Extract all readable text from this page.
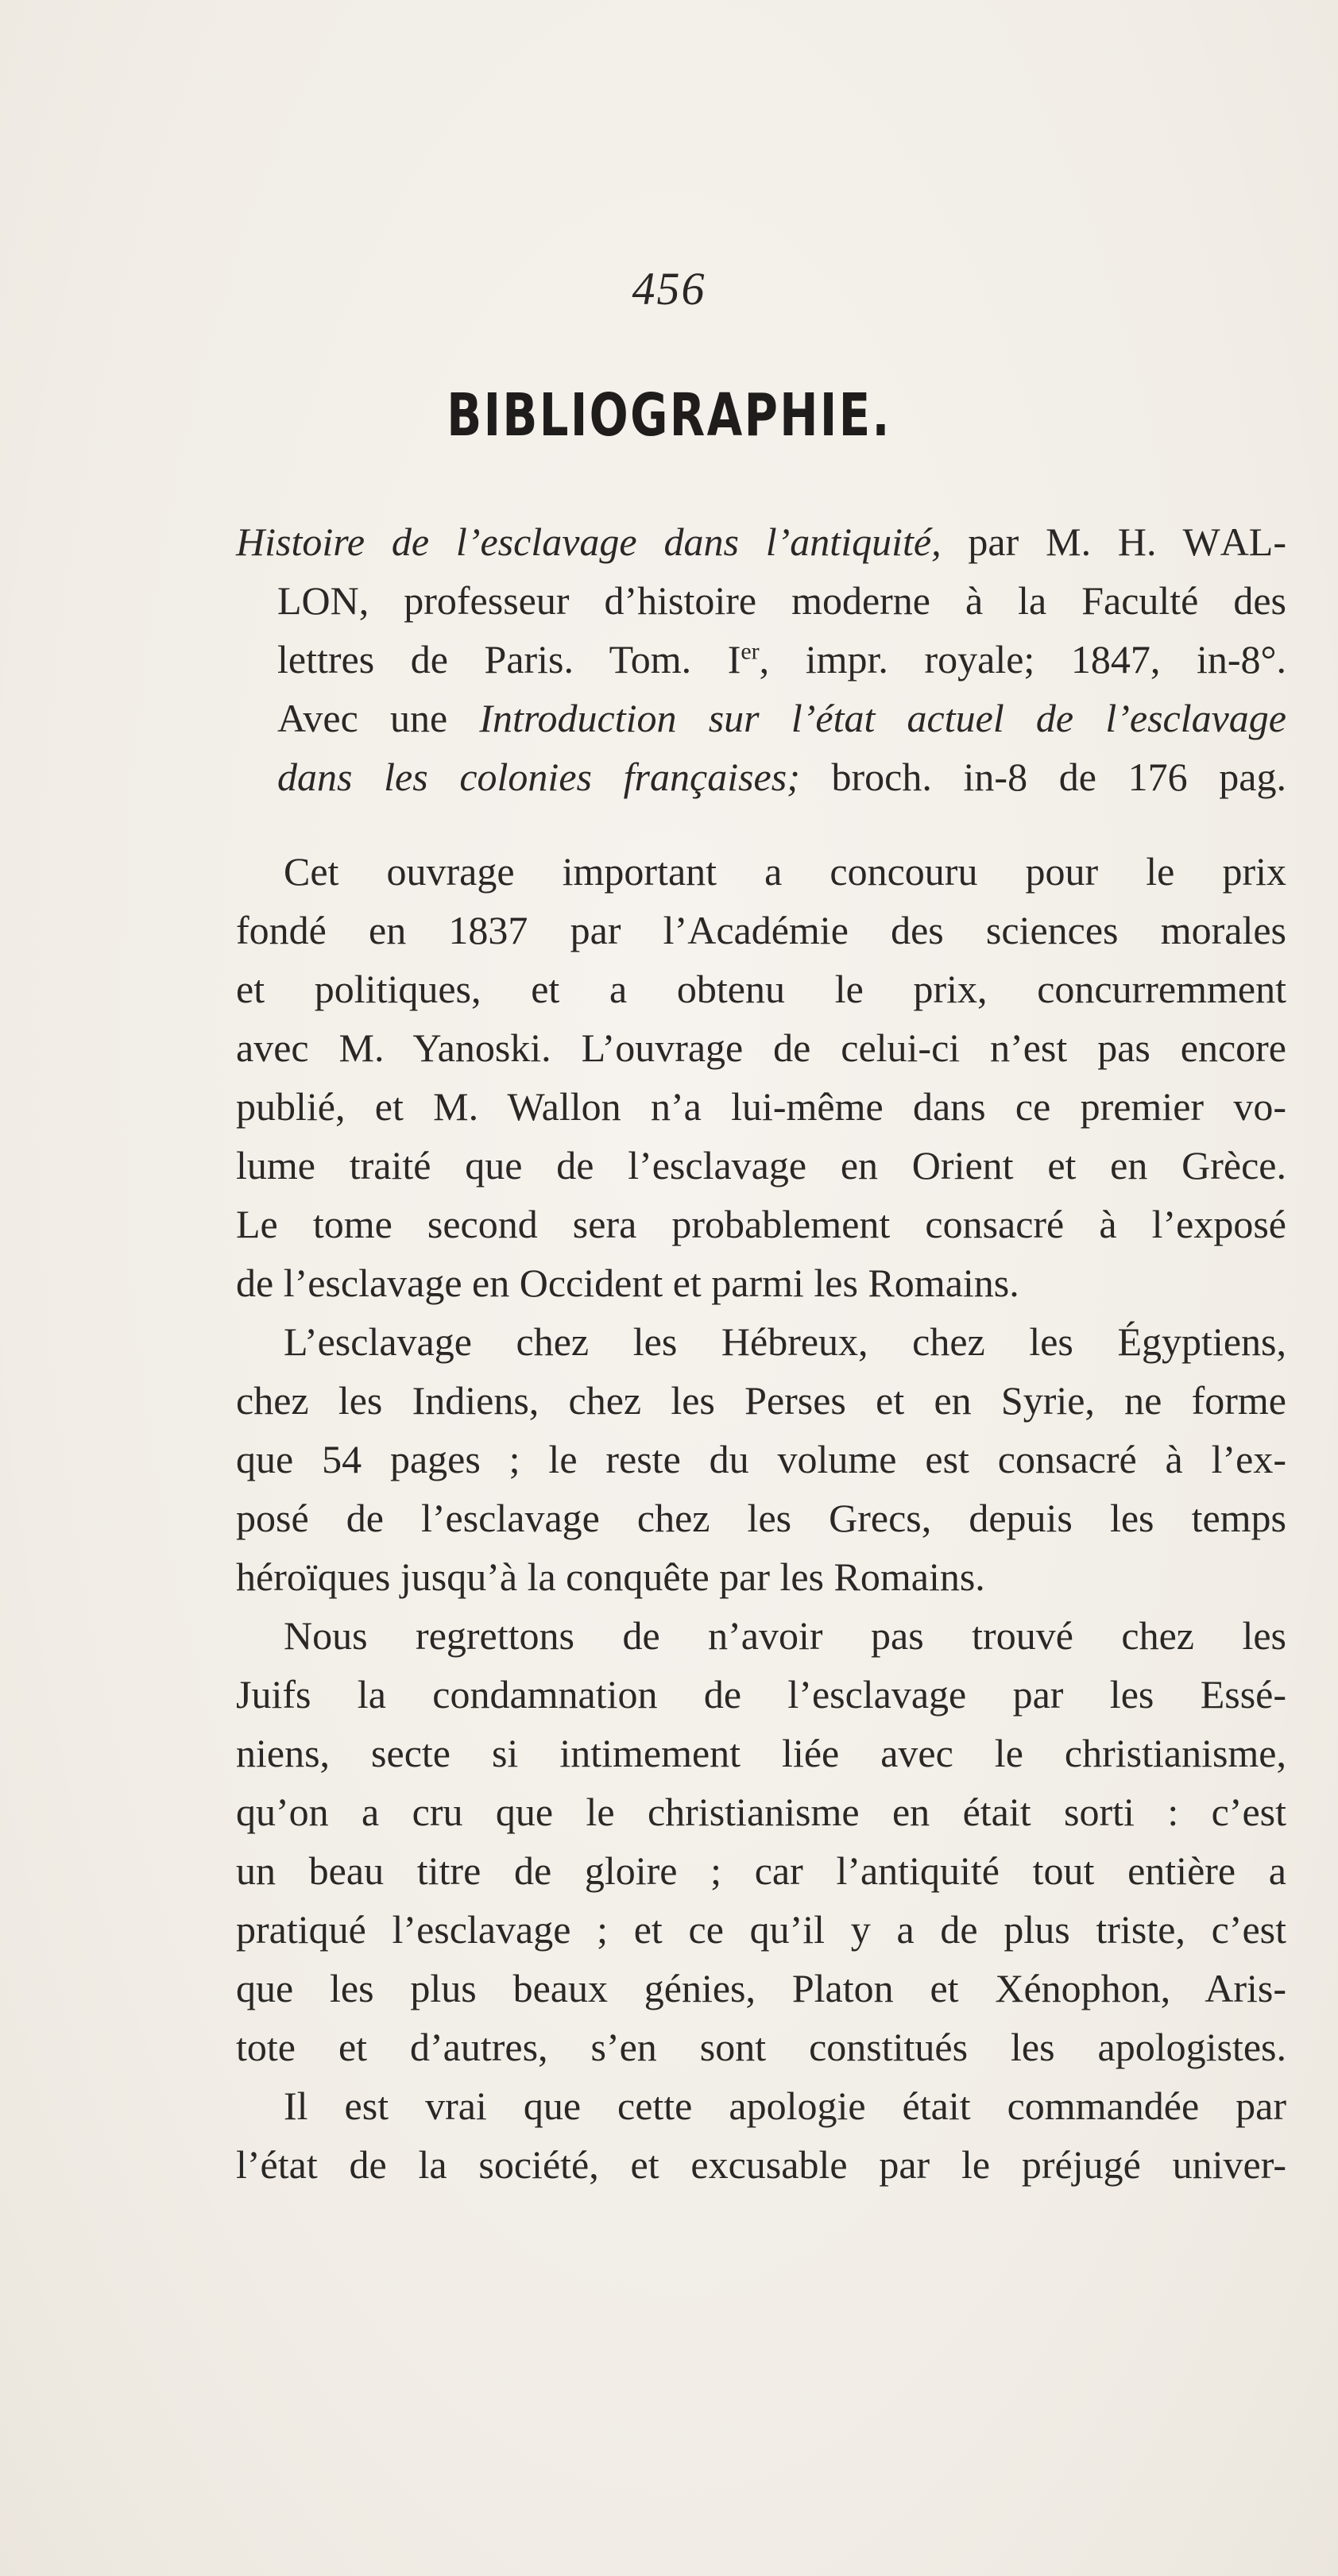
456
BIBLIOGRAPHIE.
Histoire de l’esclavage dans l’antiquité, par M. H. WAL-
LON, professeur d’histoire moderne à la Faculté des
lettres de Paris. Tom. Ier, impr. royale; 1847, in-8°.
Avec une Introduction sur l’état actuel de l’esclavage
dans les colonies françaises; broch. in-8 de 176 pag.
Cet ouvrage important a concouru pour le prix
fondé en 1837 par l’Académie des sciences morales
et politiques, et a obtenu le prix, concurremment
avec M. Yanoski. L’ouvrage de celui-ci n’est pas encore
publié, et M. Wallon n’a lui-même dans ce premier vo-
lume traité que de l’esclavage en Orient et en Grèce.
Le tome second sera probablement consacré à l’exposé
de l’esclavage en Occident et parmi les Romains.
L’esclavage chez les Hébreux, chez les Égyptiens,
chez les Indiens, chez les Perses et en Syrie, ne forme
que 54 pages ; le reste du volume est consacré à l’ex-
posé de l’esclavage chez les Grecs, depuis les temps
héroïques jusqu’à la conquête par les Romains.
Nous regrettons de n’avoir pas trouvé chez les
Juifs la condamnation de l’esclavage par les Essé-
niens, secte si intimement liée avec le christianisme,
qu’on a cru que le christianisme en était sorti : c’est
un beau titre de gloire ; car l’antiquité tout entière a
pratiqué l’esclavage ; et ce qu’il y a de plus triste, c’est
que les plus beaux génies, Platon et Xénophon, Aris-
tote et d’autres, s’en sont constitués les apologistes.
Il est vrai que cette apologie était commandée par
l’état de la société, et excusable par le préjugé univer-
